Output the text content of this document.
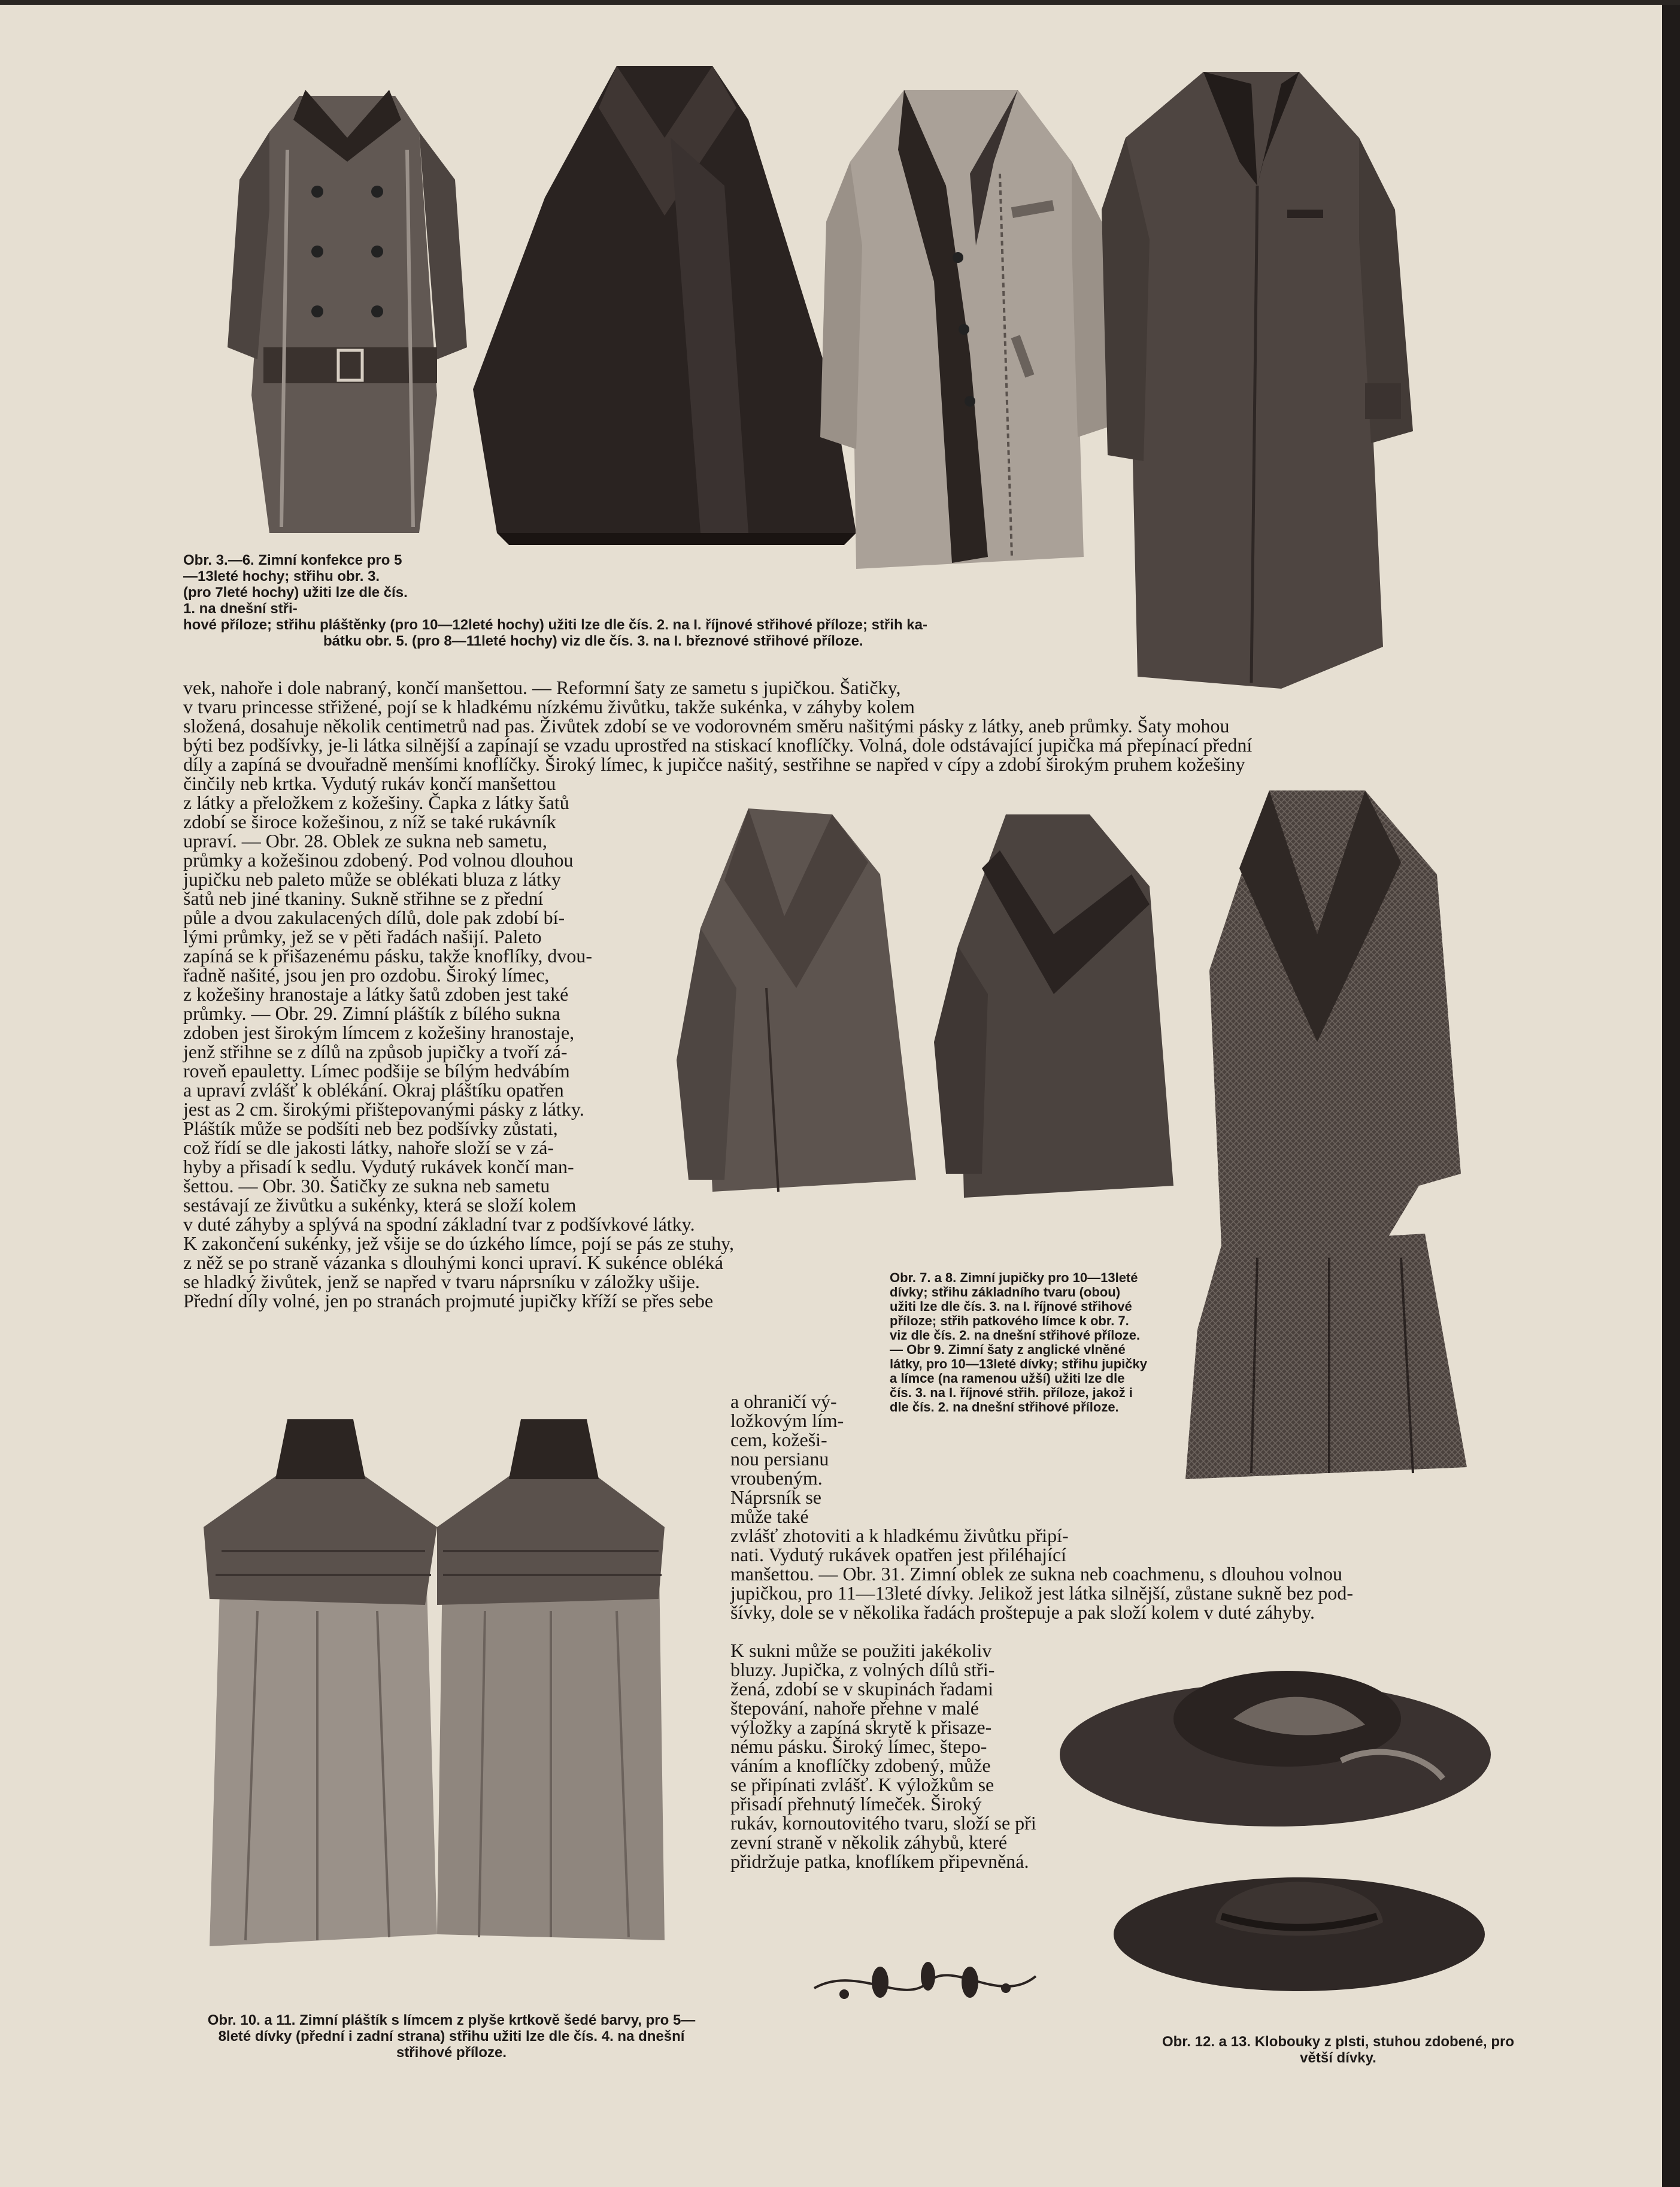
Obr. 3.—6. Zimní konfekce pro 5—13leté hochy; střihu obr. 3. (pro 7leté hochy) užiti lze dle čís. 1. na dnešní stři-

hové příloze; střihu pláštěnky (pro 10—12leté hochy) užiti lze dle čís. 2. na I. říjnové střihové příloze; střih ka-

bátku obr. 5. (pro 8—11leté hochy) viz dle čís. 3. na I. březnové střihové příloze.

vek, nahoře i dole nabraný, končí manšettou. — Reformní šaty ze sametu s jupičkou. Šatičky,

v tvaru princesse střižené, pojí se k hladkému nízkému živůtku, takže sukénka, v záhyby kolem

složená, dosahuje několik centimetrů nad pas. Živůtek zdobí se ve vodorovném směru našitými pásky z látky, aneb průmky. Šaty mohou

býti bez podšívky, je-li látka silnější a zapínají se vzadu uprostřed na stiskací knoflíčky. Volná, dole odstávající jupička má přepínací přední

díly a zapíná se dvouřadně menšími knoflíčky. Široký límec, k jupičce našitý, sestřihne se napřed v cípy a zdobí širokým pruhem kožešiny

činčily neb krtka. Vydutý rukáv končí manšettou

z látky a přeložkem z kožešiny. Čapka z látky šatů

zdobí se široce kožešinou, z níž se také rukávník

upraví. — Obr. 28. Oblek ze sukna neb sametu,

průmky a kožešinou zdobený. Pod volnou dlouhou

jupičku neb paleto může se oblékati bluza z látky

šatů neb jiné tkaniny. Sukně střihne se z přední

půle a dvou zakulacených dílů, dole pak zdobí bí-

lými průmky, jež se v pěti řadách našijí. Paleto

zapíná se k přišazenému pásku, takže knoflíky, dvou-

řadně našité, jsou jen pro ozdobu. Široký límec,

z kožešiny hranostaje a látky šatů zdoben jest také

průmky. — Obr. 29. Zimní pláštík z bílého sukna

zdoben jest širokým límcem z kožešiny hranostaje,

jenž střihne se z dílů na způsob jupičky a tvoří zá-

roveň epauletty. Límec podšije se bílým hedvábím

a upraví zvlášť k oblékání. Okraj pláštíku opatřen

jest as 2 cm. širokými přištepovanými pásky z látky.

Pláštík může se podšíti neb bez podšívky zůstati,

což řídí se dle jakosti látky, nahoře složí se v zá-

hyby a přisadí k sedlu. Vydutý rukávek končí man-

šettou. — Obr. 30. Šatičky ze sukna neb sametu

sestávají ze živůtku a sukénky, která se složí kolem

v duté záhyby a splývá na spodní základní tvar z podšívkové látky.

K zakončení sukénky, jež všije se do úzkého límce, pojí se pás ze stuhy,

z něž se po straně vázanka s dlouhými konci upraví. K sukénce obléká

se hladký živůtek, jenž se napřed v tvaru náprsníku v záložky ušije.

Přední díly volné, jen po stranách projmuté jupičky kříží se přes sebe

Obr. 7. a 8. Zimní jupičky pro 10—13leté dívky; střihu základního tvaru (obou) užiti lze dle čís. 3. na I. říjnové střihové příloze; střih patkového límce k obr. 7. viz dle čís. 2. na dnešní střihové příloze. — Obr 9. Zimní šaty z anglické vlněné látky, pro 10—13leté dívky; střihu jupičky a límce (na ramenou užší) užiti lze dle čís. 3. na I. říjnové střih. příloze, jakož i dle čís. 2. na dnešní střihové příloze.

a ohraničí vý-

ložkovým lím-

cem, kožeši-

nou persianu

vroubeným.

Náprsník se

může také

zvlášť zhotoviti a k hladkému živůtku připí-

nati. Vydutý rukávek opatřen jest přiléhající

manšettou. — Obr. 31. Zimní oblek ze sukna neb coachmenu, s dlouhou volnou

jupičkou, pro 11—13leté dívky. Jelikož jest látka silnější, zůstane sukně bez pod-

šívky, dole se v několika řadách proštepuje a pak složí kolem v duté záhyby.

Obr. 10. a 11. Zimní pláštík s límcem z plyše krtkově šedé barvy, pro 5—8leté dívky (přední i zadní strana) střihu užiti lze dle čís. 4. na dnešní střihové příloze.

K sukni může se použiti jakékoliv

bluzy. Jupička, z volných dílů stři-

žená, zdobí se v skupinách řadami

štepování, nahoře přehne v malé

výložky a zapíná skrytě k přisaze-

nému pásku. Široký límec, štepo-

váním a knoflíčky zdobený, může

se připínati zvlášť. K výložkům se

přisadí přehnutý límeček. Široký

rukáv, kornoutovitého tvaru, složí se při

zevní straně v několik záhybů, které

přidržuje patka, knoflíkem připevněná.

Obr. 12. a 13. Klobouky z plsti, stuhou zdobené, pro větší dívky.
